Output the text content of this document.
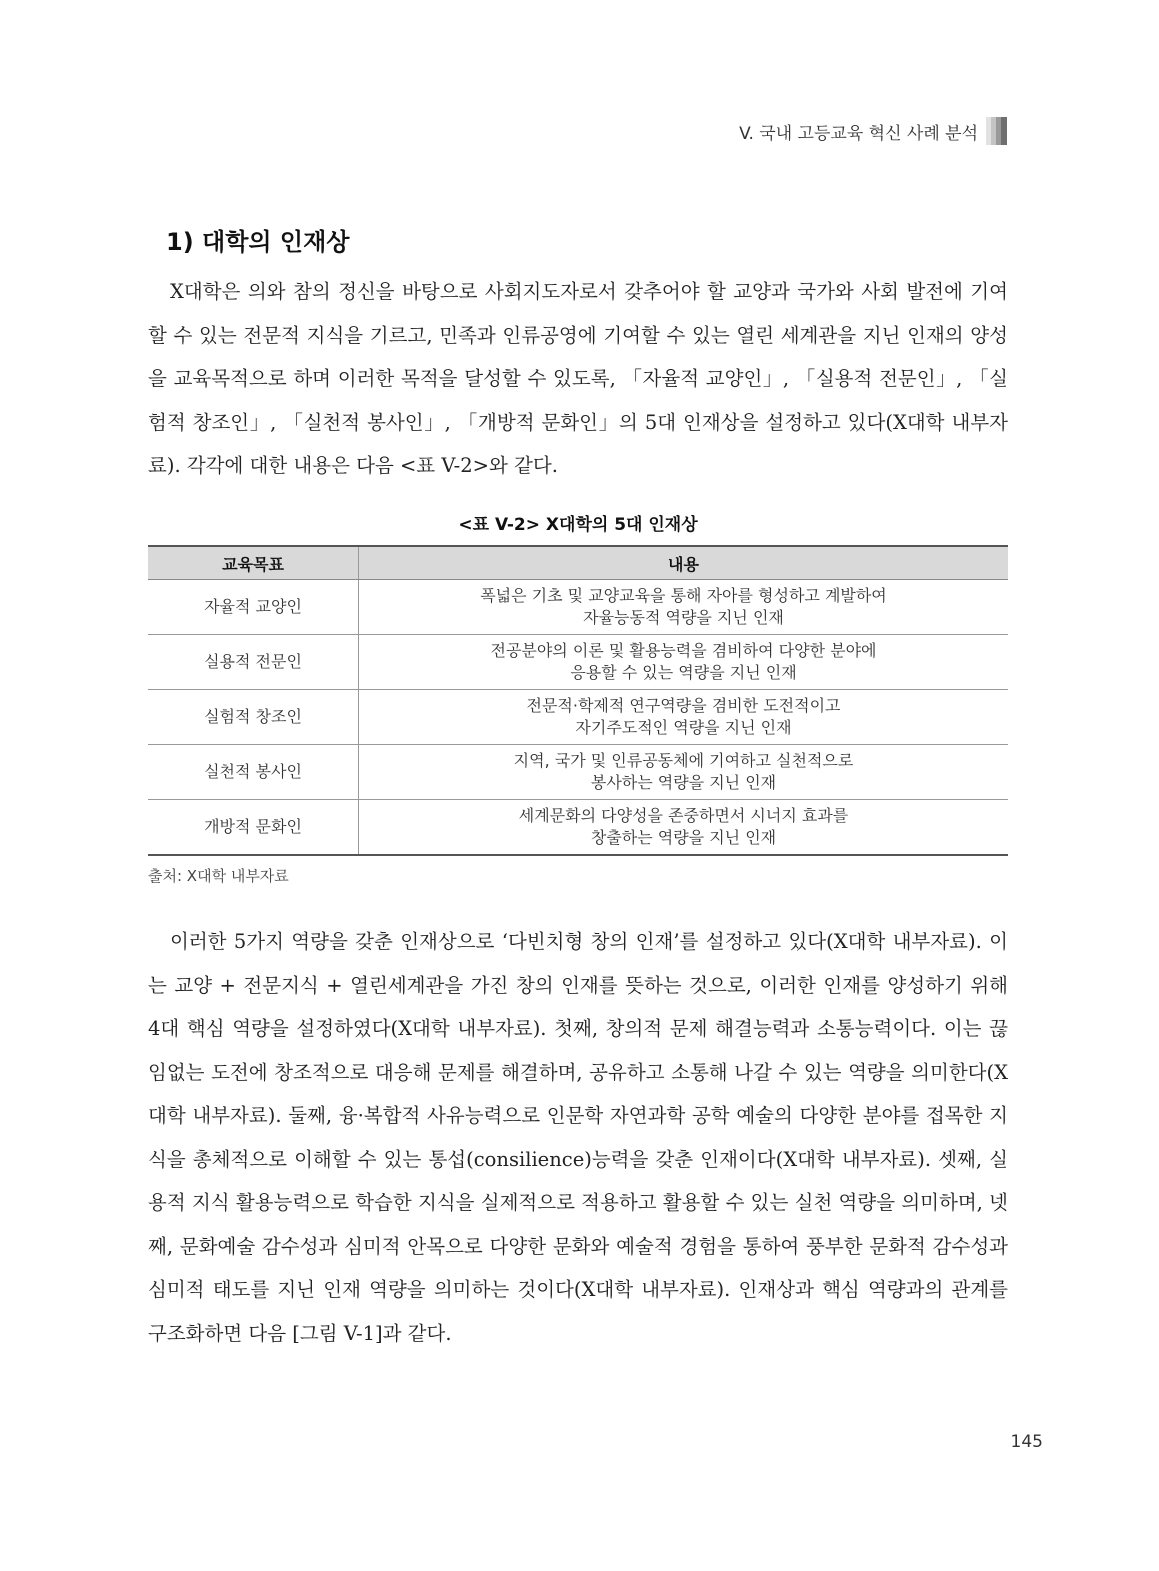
V. 국내 고등교육 혁신 사례 분석
1) 대학의 인재상

X대학은 의와 참의 정신을 바탕으로 사회지도자로서 갖추어야 할 교양과 국가와 사회 발전에 기여할 수 있는 전문적 지식을 기르고, 민족과 인류공영에 기여할 수 있는 열린 세계관을 지닌 인재의 양성을 교육목적으로 하며 이러한 목적을 달성할 수 있도록, 「자율적 교양인」, 「실용적 전문인」, 「실험적 창조인」, 「실천적 봉사인」, 「개방적 문화인」의 5대 인재상을 설정하고 있다(X대학 내부자료). 각각에 대한 내용은 다음 <표 V-2>와 같다.

<표 V-2> X대학의 5대 인재상
교육목표	내용
자율적 교양인	폭넓은 기초 및 교양교육을 통해 자아를 형성하고 계발하여
자율능동적 역량을 지닌 인재

실용적 전문인	전공분야의 이론 및 활용능력을 겸비하여 다양한 분야에
응용할 수 있는 역량을 지닌 인재

실험적 창조인	전문적·학제적 연구역량을 겸비한 도전적이고
자기주도적인 역량을 지닌 인재

실천적 봉사인	지역, 국가 및 인류공동체에 기여하고 실천적으로
봉사하는 역량을 지닌 인재

개방적 문화인	세계문화의 다양성을 존중하면서 시너지 효과를
창출하는 역량을 지닌 인재
출처: X대학 내부자료

이러한 5가지 역량을 갖춘 인재상으로 ‘다빈치형 창의 인재’를 설정하고 있다(X대학 내부자료). 이는 교양 + 전문지식 + 열린세계관을 가진 창의 인재를 뜻하는 것으로, 이러한 인재를 양성하기 위해 4대 핵심 역량을 설정하였다(X대학 내부자료). 첫째, 창의적 문제 해결능력과 소통능력이다. 이는 끊임없는 도전에 창조적으로 대응해 문제를 해결하며, 공유하고 소통해 나갈 수 있는 역량을 의미한다(X대학 내부자료). 둘째, 융·복합적 사유능력으로 인문학 자연과학 공학 예술의 다양한 분야를 접목한 지식을 총체적으로 이해할 수 있는 통섭(consilience)능력을 갖춘 인재이다(X대학 내부자료). 셋째, 실용적 지식 활용능력으로 학습한 지식을 실제적으로 적용하고 활용할 수 있는 실천 역량을 의미하며, 넷째, 문화예술 감수성과 심미적 안목으로 다양한 문화와 예술적 경험을 통하여 풍부한 문화적 감수성과 심미적 태도를 지닌 인재 역량을 의미하는 것이다(X대학 내부자료). 인재상과 핵심 역량과의 관계를 구조화하면 다음 [그림 V-1]과 같다.

145
